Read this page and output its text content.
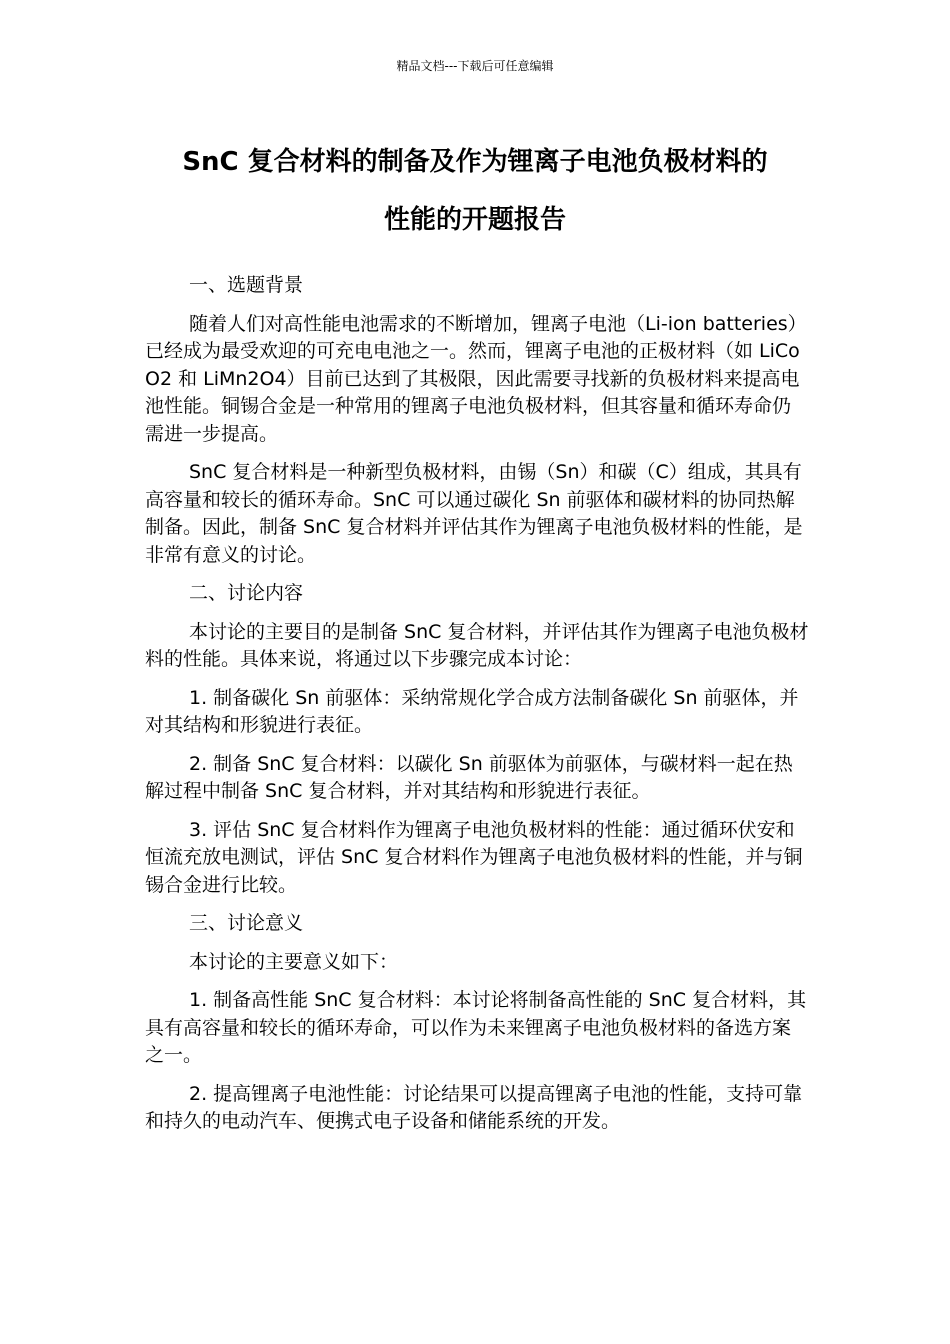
精品文档---下载后可任意编辑
SnC 复合材料的制备及作为锂离子电池负极材料的
性能的开题报告

一、选题背景

随着人们对高性能电池需求的不断增加，锂离子电池（Li-ion batteries）已经成为最受欢迎的可充电电池之一。然而，锂离子电池的正极材料（如 LiCoO2 和 LiMn2O4）目前已达到了其极限，因此需要寻找新的负极材料来提高电池性能。铜锡合金是一种常用的锂离子电池负极材料，但其容量和循环寿命仍需进一步提高。

SnC 复合材料是一种新型负极材料，由锡（Sn）和碳（C）组成，其具有高容量和较长的循环寿命。SnC 可以通过碳化 Sn 前驱体和碳材料的协同热解制备。因此，制备 SnC 复合材料并评估其作为锂离子电池负极材料的性能，是非常有意义的讨论。

二、讨论内容

本讨论的主要目的是制备 SnC 复合材料，并评估其作为锂离子电池负极材料的性能。具体来说，将通过以下步骤完成本讨论：

1. 制备碳化 Sn 前驱体：采纳常规化学合成方法制备碳化 Sn 前驱体，并对其结构和形貌进行表征。

2. 制备 SnC 复合材料：以碳化 Sn 前驱体为前驱体，与碳材料一起在热解过程中制备 SnC 复合材料，并对其结构和形貌进行表征。

3. 评估 SnC 复合材料作为锂离子电池负极材料的性能：通过循环伏安和恒流充放电测试，评估 SnC 复合材料作为锂离子电池负极材料的性能，并与铜锡合金进行比较。

三、讨论意义

本讨论的主要意义如下：

1. 制备高性能 SnC 复合材料：本讨论将制备高性能的 SnC 复合材料，其具有高容量和较长的循环寿命，可以作为未来锂离子电池负极材料的备选方案之一。

2. 提高锂离子电池性能：讨论结果可以提高锂离子电池的性能，支持可靠和持久的电动汽车、便携式电子设备和储能系统的开发。
